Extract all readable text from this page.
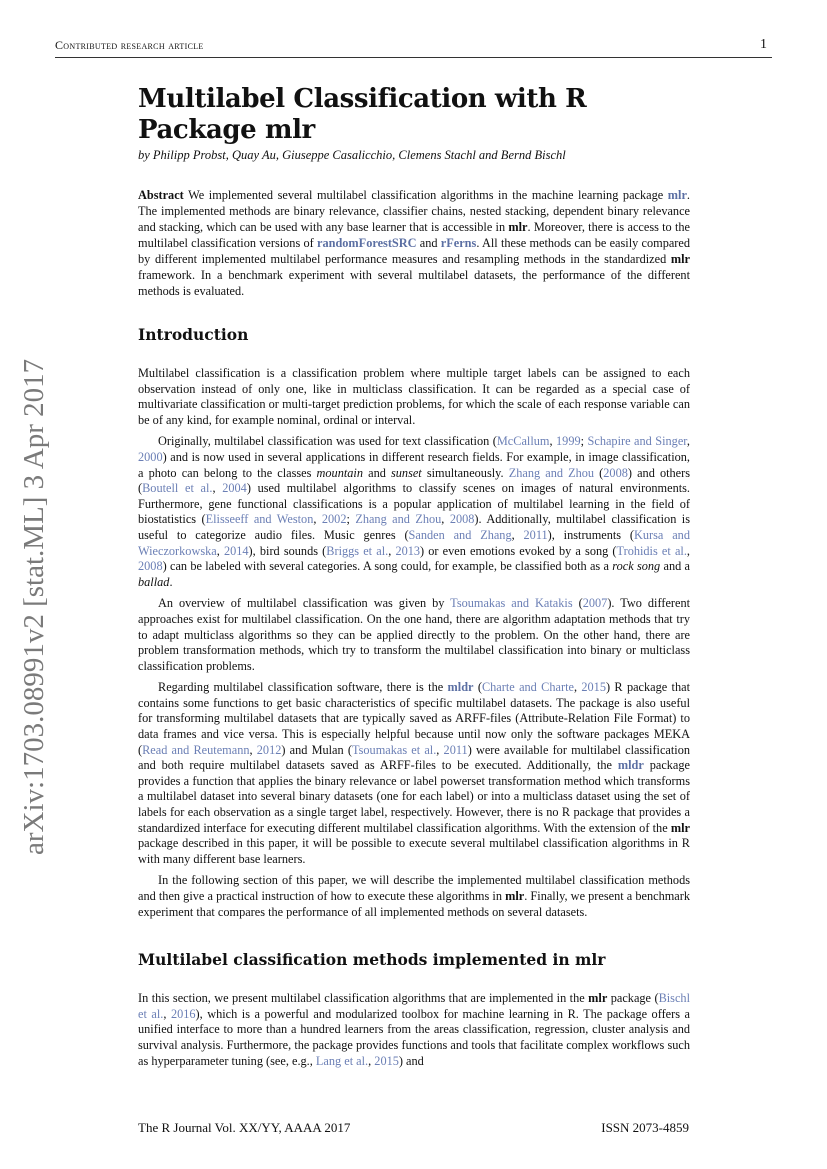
Contributed research article	1
arXiv:1703.08991v2 [stat.ML] 3 Apr 2017
Multilabel Classification with R Package mlr
by Philipp Probst, Quay Au, Giuseppe Casalicchio, Clemens Stachl and Bernd Bischl

Abstract We implemented several multilabel classification algorithms in the machine learning package mlr. The implemented methods are binary relevance, classifier chains, nested stacking, dependent binary relevance and stacking, which can be used with any base learner that is accessible in mlr. Moreover, there is access to the multilabel classification versions of randomForestSRC and rFerns. All these methods can be easily compared by different implemented multilabel performance measures and resampling methods in the standardized mlr framework. In a benchmark experiment with several multilabel datasets, the performance of the different methods is evaluated.

Introduction

Multilabel classification is a classification problem where multiple target labels can be assigned to each observation instead of only one, like in multiclass classification. It can be regarded as a special case of multivariate classification or multi-target prediction problems, for which the scale of each response variable can be of any kind, for example nominal, ordinal or interval.

Originally, multilabel classification was used for text classification (McCallum, 1999; Schapire and Singer, 2000) and is now used in several applications in different research fields. For example, in image classification, a photo can belong to the classes mountain and sunset simultaneously. Zhang and Zhou (2008) and others (Boutell et al., 2004) used multilabel algorithms to classify scenes on images of natural environments. Furthermore, gene functional classifications is a popular application of multilabel learning in the field of biostatistics (Elisseeff and Weston, 2002; Zhang and Zhou, 2008). Additionally, multilabel classification is useful to categorize audio files. Music genres (Sanden and Zhang, 2011), instruments (Kursa and Wieczorkowska, 2014), bird sounds (Briggs et al., 2013) or even emotions evoked by a song (Trohidis et al., 2008) can be labeled with several categories. A song could, for example, be classified both as a rock song and a ballad.

An overview of multilabel classification was given by Tsoumakas and Katakis (2007). Two different approaches exist for multilabel classification. On the one hand, there are algorithm adaptation methods that try to adapt multiclass algorithms so they can be applied directly to the problem. On the other hand, there are problem transformation methods, which try to transform the multilabel classification into binary or multiclass classification problems.

Regarding multilabel classification software, there is the mldr (Charte and Charte, 2015) R package that contains some functions to get basic characteristics of specific multilabel datasets. The package is also useful for transforming multilabel datasets that are typically saved as ARFF-files (Attribute-Relation File Format) to data frames and vice versa. This is especially helpful because until now only the software packages MEKA (Read and Reutemann, 2012) and Mulan (Tsoumakas et al., 2011) were available for multilabel classification and both require multilabel datasets saved as ARFF-files to be executed. Additionally, the mldr package provides a function that applies the binary relevance or label powerset transformation method which transforms a multilabel dataset into several binary datasets (one for each label) or into a multiclass dataset using the set of labels for each observation as a single target label, respectively. However, there is no R package that provides a standardized interface for executing different multilabel classification algorithms. With the extension of the mlr package described in this paper, it will be possible to execute several multilabel classification algorithms in R with many different base learners.

In the following section of this paper, we will describe the implemented multilabel classification methods and then give a practical instruction of how to execute these algorithms in mlr. Finally, we present a benchmark experiment that compares the performance of all implemented methods on several datasets.

Multilabel classification methods implemented in mlr

In this section, we present multilabel classification algorithms that are implemented in the mlr package (Bischl et al., 2016), which is a powerful and modularized toolbox for machine learning in R. The package offers a unified interface to more than a hundred learners from the areas classification, regression, cluster analysis and survival analysis. Furthermore, the package provides functions and tools that facilitate complex workflows such as hyperparameter tuning (see, e.g., Lang et al., 2015) and

The R Journal Vol. XX/YY, AAAA 2017	ISSN 2073-4859
